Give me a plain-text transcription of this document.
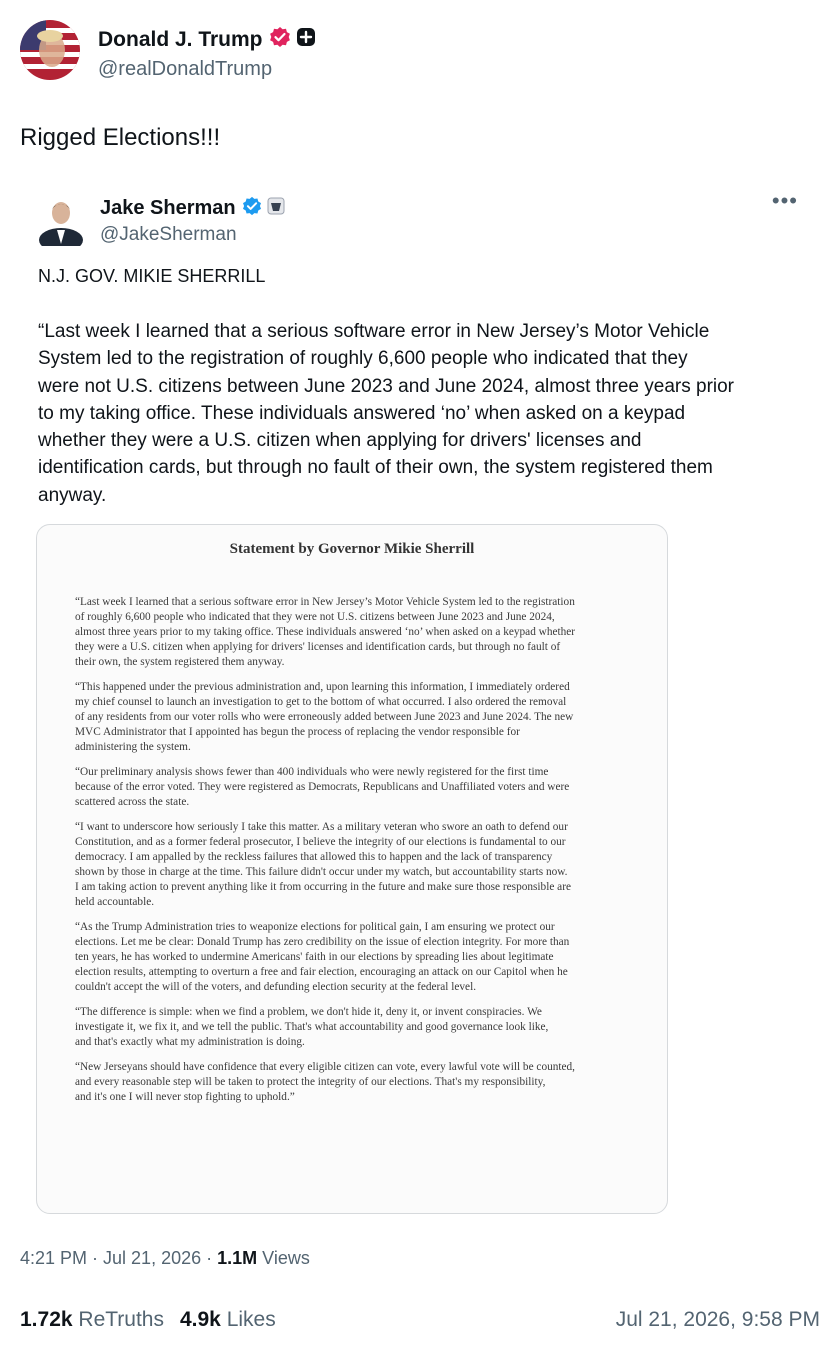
Donald J. Trump
@realDonaldTrump
Rigged Elections!!!
Jake Sherman
@JakeSherman
•••
N.J. GOV. MIKIE SHERRILL
“Last week I learned that a serious software error in New Jersey’s Motor Vehicle
System led to the registration of roughly 6,600 people who indicated that they
were not U.S. citizens between June 2023 and June 2024, almost three years prior
to my taking office. These individuals answered ‘no’ when asked on a keypad
whether they were a U.S. citizen when applying for drivers' licenses and
identification cards, but through no fault of their own, the system registered them
anyway.
Statement by Governor Mikie Sherrill

“Last week I learned that a serious software error in New Jersey’s Motor Vehicle System led to the registration
of roughly 6,600 people who indicated that they were not U.S. citizens between June 2023 and June 2024,
almost three years prior to my taking office. These individuals answered ‘no’ when asked on a keypad whether
they were a U.S. citizen when applying for drivers' licenses and identification cards, but through no fault of
their own, the system registered them anyway.

“This happened under the previous administration and, upon learning this information, I immediately ordered
my chief counsel to launch an investigation to get to the bottom of what occurred. I also ordered the removal
of any residents from our voter rolls who were erroneously added between June 2023 and June 2024. The new
MVC Administrator that I appointed has begun the process of replacing the vendor responsible for
administering the system.

“Our preliminary analysis shows fewer than 400 individuals who were newly registered for the first time
because of the error voted. They were registered as Democrats, Republicans and Unaffiliated voters and were
scattered across the state.

“I want to underscore how seriously I take this matter. As a military veteran who swore an oath to defend our
Constitution, and as a former federal prosecutor, I believe the integrity of our elections is fundamental to our
democracy. I am appalled by the reckless failures that allowed this to happen and the lack of transparency
shown by those in charge at the time. This failure didn't occur under my watch, but accountability starts now.
I am taking action to prevent anything like it from occurring in the future and make sure those responsible are
held accountable.

“As the Trump Administration tries to weaponize elections for political gain, I am ensuring we protect our
elections. Let me be clear: Donald Trump has zero credibility on the issue of election integrity. For more than
ten years, he has worked to undermine Americans' faith in our elections by spreading lies about legitimate
election results, attempting to overturn a free and fair election, encouraging an attack on our Capitol when he
couldn't accept the will of the voters, and defunding election security at the federal level.

“The difference is simple: when we find a problem, we don't hide it, deny it, or invent conspiracies. We
investigate it, we fix it, and we tell the public. That's what accountability and good governance look like,
and that's exactly what my administration is doing.

“New Jerseyans should have confidence that every eligible citizen can vote, every lawful vote will be counted,
and every reasonable step will be taken to protect the integrity of our elections. That's my responsibility,
and it's one I will never stop fighting to uphold.”

4:21 PM · Jul 21, 2026 · 1.1M Views
1.72k ReTruths 4.9k Likes	Jul 21, 2026, 9:58 PM
